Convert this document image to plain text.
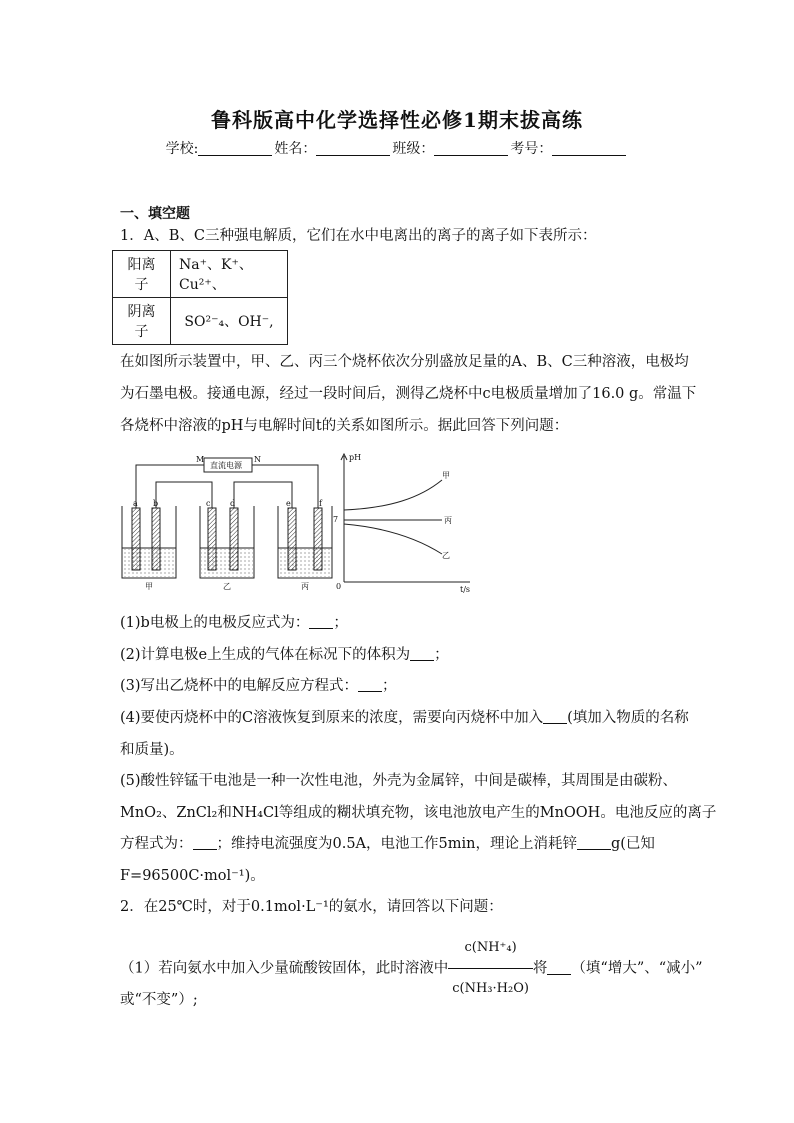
鲁科版高中化学选择性必修1期末拔高练
学校:	姓名：	班级：	考号：
一、填空题
1．A、B、C三种强电解质，它们在水中电离出的离子的离子如下表所示：
阳离子	Na⁺、K⁺、Cu²⁺、
阴离子	SO²⁻₄、OH⁻,
在如图所示装置中，甲、乙、丙三个烧杯依次分别盛放足量的A、B、C三种溶液，电极均
为石墨电极。接通电源，经过一段时间后，测得乙烧杯中c电极质量增加了16.0 g。常温下
各烧杯中溶液的pH与电解时间t的关系如图所示。据此回答下列问题：
直流电源
M	N
a b	c d	e	f
甲	乙	丙
pH
t/s
0
7
甲
丙
乙
(1)b电极上的电极反应式为： ；
(2)计算电极e上生成的气体在标况下的体积为 ；
(3)写出乙烧杯中的电解反应方程式： ；
(4)要使丙烧杯中的C溶液恢复到原来的浓度，需要向丙烧杯中加入 (填加入物质的名称
和质量)。
(5)酸性锌锰干电池是一种一次性电池，外壳为金属锌，中间是碳棒，其周围是由碳粉、
MnO₂、ZnCl₂和NH₄Cl等组成的糊状填充物，该电池放电产生的MnOOH。电池反应的离子
方程式为： ；维持电流强度为0.5A，电池工作5min，理论上消耗锌 g(已知
F=96500C·mol⁻¹)。
2．在25℃时，对于0.1mol·L⁻¹的氨水，请回答以下问题：
（1）若向氨水中加入少量硫酸铵固体，此时溶液中 $\frac{\text{c(NH⁺₄)}}{\text{c(NH₃·H₂O)}}$ 将 （填“增大”、“减小”
或“不变”）;
